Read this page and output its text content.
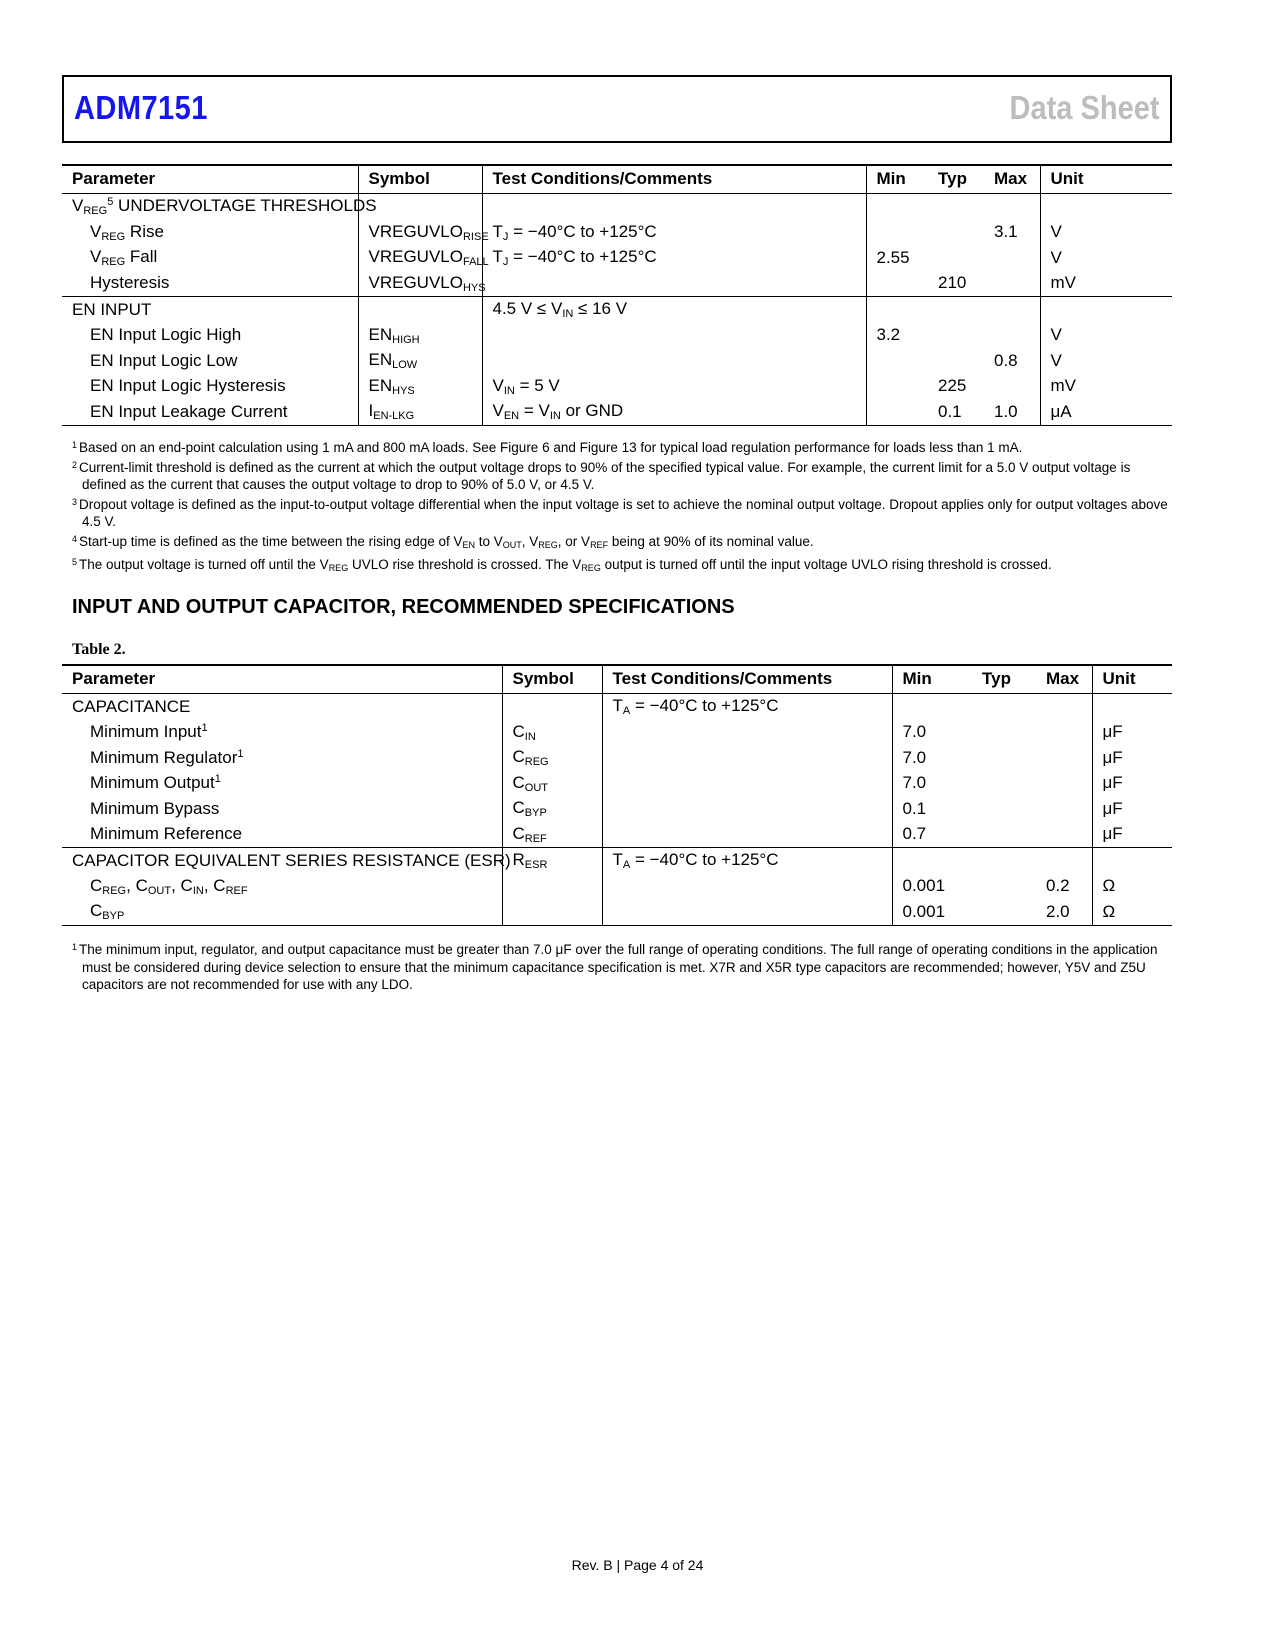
ADM7151	Data Sheet
Parameter	Symbol	Test Conditions/Comments	Min	Typ	Max	Unit
$V_{REG}^5$ UNDERVOLTAGE THRESHOLDS						
$V_{REG}$ Rise	$VREGUVLO_{RISE}$	$T_J = -40^\circ C$ to +125°C			3.1	V
$V_{REG}$ Fall	$VREGUVLO_{FALL}$	$T_J = -40^\circ C$ to +125°C	2.55			V
Hysteresis	$VREGUVLO_{HYS}$			210		mV
EN INPUT		4.5 $V \le V_{IN} \le 16$ V				
EN Input Logic High	$EN_{HIGH}$		3.2			V
EN Input Logic Low	$EN_{LOW}$				0.8	V
EN Input Logic Hysteresis	$EN_{HYS}$	$V_{IN} = 5$ V		225		mV
EN Input Leakage Current	$I_{EN-LKG}$	$V_{EN} = V_{IN}$ or GND		0.1	1.0	μA

$^1$ Based on an end-point calculation using 1 mA and 800 mA loads. See Figure 6 and Figure 13 for typical load regulation performance for loads less than 1 mA.

$^2$ Current-limit threshold is defined as the current at which the output voltage drops to 90% of the specified typical value. For example, the current limit for a 5.0 V output voltage is defined as the current that causes the output voltage to drop to 90% of 5.0 V, or 4.5 V.

$^3$ Dropout voltage is defined as the input-to-output voltage differential when the input voltage is set to achieve the nominal output voltage. Dropout applies only for output voltages above 4.5 V.

$^4$ Start-up time is defined as the time between the rising edge of $V_{EN}$ to $V_{OUT}$, $V_{REG}$, or $V_{REF}$ being at 90% of its nominal value.

$^5$ The output voltage is turned off until the $V_{REG}$ UVLO rise threshold is crossed. The $V_{REG}$ output is turned off until the input voltage UVLO rising threshold is crossed.

INPUT AND OUTPUT CAPACITOR, RECOMMENDED SPECIFICATIONS
Table 2.
Parameter	Symbol	Test Conditions/Comments	Min	Typ	Max	Unit
CAPACITANCE		$T_A = -40^\circ C$ to +125°C				
Minimum Input$^1$	$C_{IN}$		7.0			μF
Minimum Regulator$^1$	$C_{REG}$		7.0			μF
Minimum Output$^1$	$C_{OUT}$		7.0			μF
Minimum Bypass	$C_{BYP}$		0.1			μF
Minimum Reference	$C_{REF}$		0.7			μF
CAPACITOR EQUIVALENT SERIES RESISTANCE (ESR)	$R_{ESR}$	$T_A = -40^\circ C$ to +125°C				
$C_{REG}$, $C_{OUT}$, $C_{IN}$, $C_{REF}$			0.001		0.2	Ω
$C_{BYP}$			0.001		2.0	Ω

$^1$ The minimum input, regulator, and output capacitance must be greater than 7.0 μF over the full range of operating conditions. The full range of operating conditions in the application must be considered during device selection to ensure that the minimum capacitance specification is met. X7R and X5R type capacitors are recommended; however, Y5V and Z5U capacitors are not recommended for use with any LDO.

Rev. B | Page 4 of 24
